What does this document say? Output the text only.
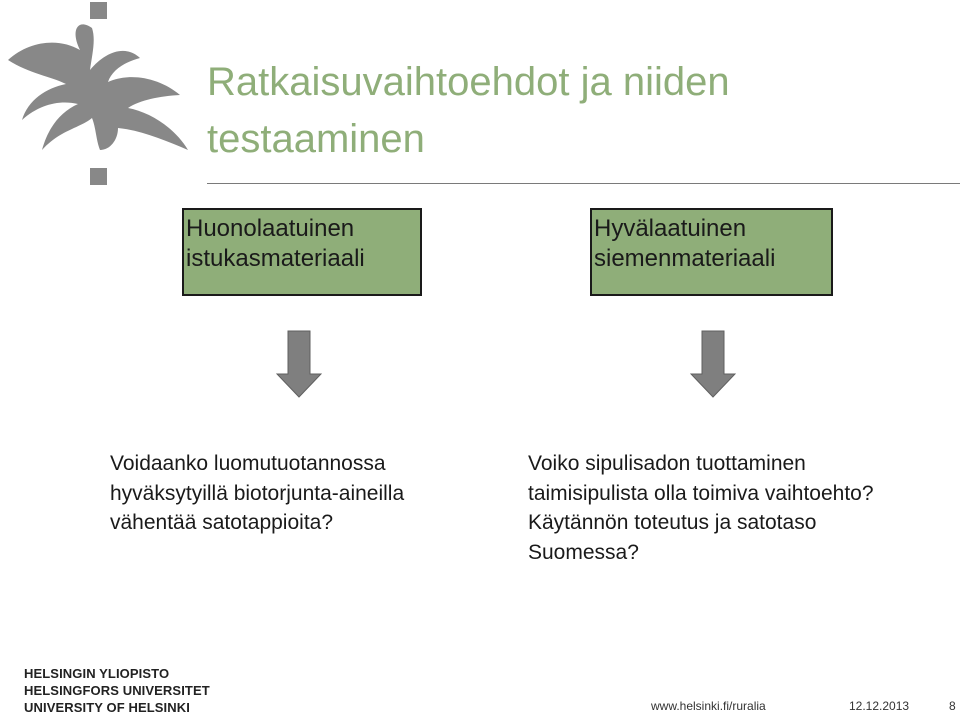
Ratkaisuvaihtoehdot ja niiden
testaaminen
Huonolaatuinen
istukasmateriaali
Hyvälaatuinen
siemenmateriaali
Voidaanko luomutuotannossa
hyväksytyillä biotorjunta-aineilla
vähentää satotappioita?
Voiko sipulisadon tuottaminen
taimisipulista olla toimiva vaihtoehto?
Käytännön toteutus ja satotaso
Suomessa?
HELSINGIN YLIOPISTO
HELSINGFORS UNIVERSITET
UNIVERSITY OF HELSINKI	www.helsinki.fi/ruralia	12.12.2013	8
